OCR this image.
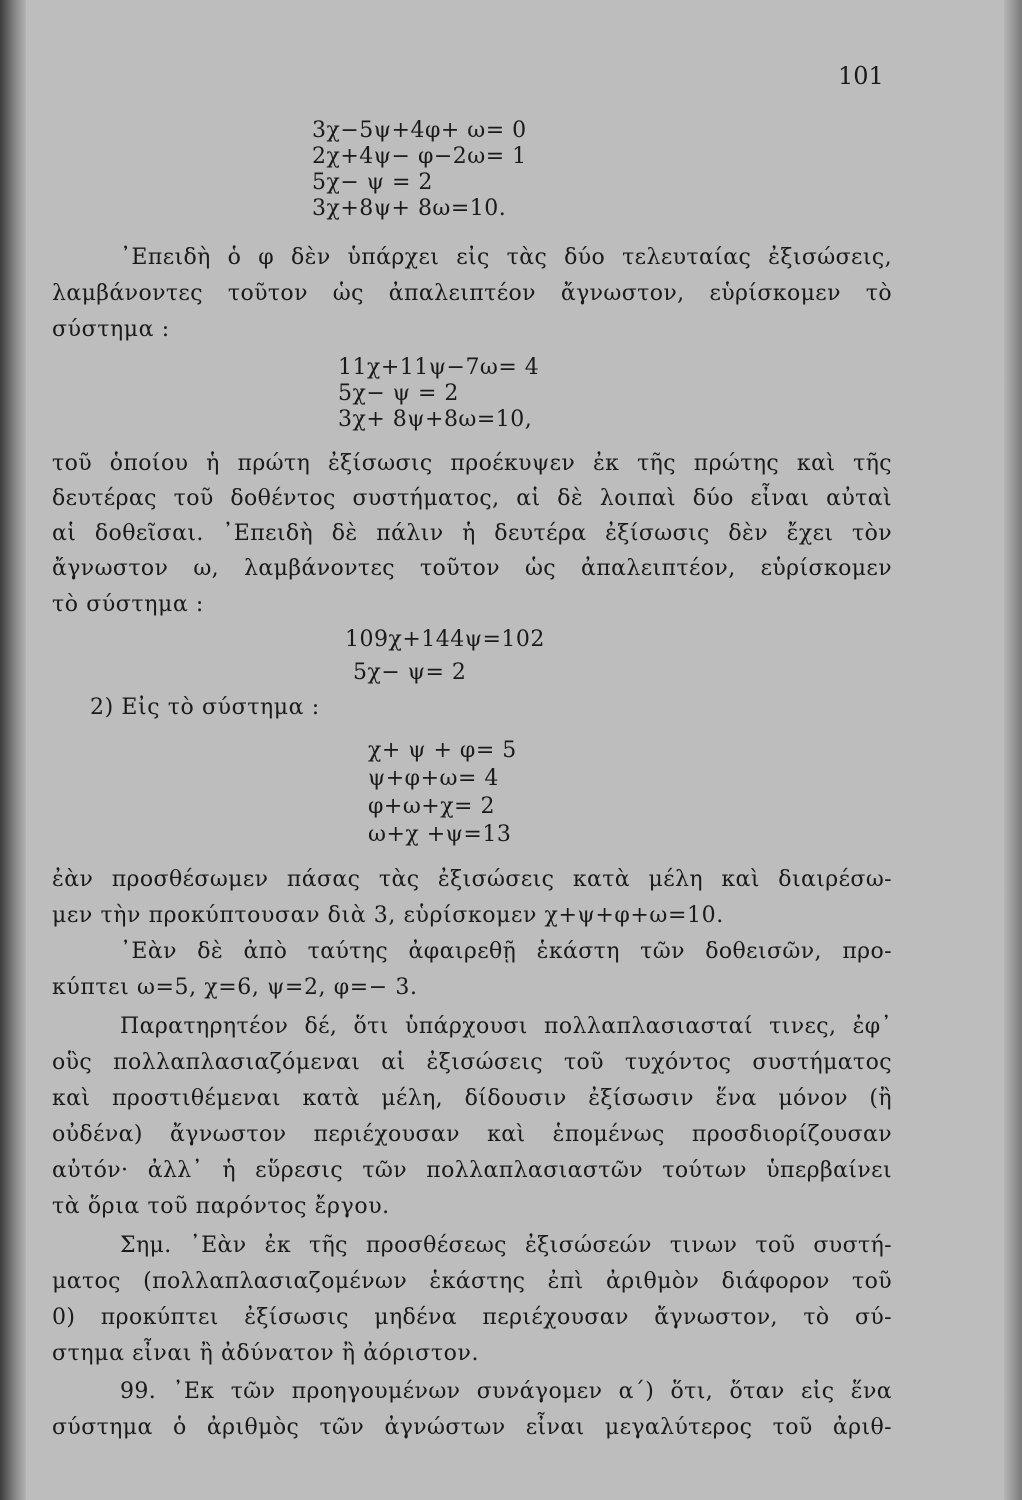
101
3χ−5ψ+4φ+ ω= 0
2χ+4ψ− φ−2ω= 1
5χ− ψ = 2
3χ+8ψ+ 8ω=10.
᾿Επειδὴ ὁ φ δὲν ὑπάρχει εἰς τὰς δύο τελευταίας ἐξισώσεις,
λαμβάνοντες τοῦτον ὡς ἀπαλειπτέον ἄγνωστον, εὑρίσκομεν τὸ
σύστημα :
11χ+11ψ−7ω= 4
5χ− ψ = 2
3χ+ 8ψ+8ω=10,
τοῦ ὁποίου ἡ πρώτη ἐξίσωσις προέκυψεν ἐκ τῆς πρώτης καὶ τῆς
δευτέρας τοῦ δοθέντος συστήματος, αἱ δὲ λοιπαὶ δύο εἶναι αὐταὶ
αἱ δοθεῖσαι. ᾿Επειδὴ δὲ πάλιν ἡ δευτέρα ἐξίσωσις δὲν ἔχει τὸν
ἄγνωστον ω, λαμβάνοντες τοῦτον ὡς ἀπαλειπτέον, εὑρίσκομεν
τὸ σύστημα :
109χ+144ψ=102
5χ− ψ= 2
2) Εἰς τὸ σύστημα :
χ+ ψ + φ= 5
ψ+φ+ω= 4
φ+ω+χ= 2
ω+χ +ψ=13
ἐὰν προσθέσωμεν πάσας τὰς ἐξισώσεις κατὰ μέλη καὶ διαιρέσω-
μεν τὴν προκύπτουσαν διὰ 3, εὑρίσκομεν χ+ψ+φ+ω=10.
᾿Εὰν δὲ ἀπὸ ταύτης ἀφαιρεθῇ ἑκάστη τῶν δοθεισῶν, προ-
κύπτει ω=5, χ=6, ψ=2, φ=− 3.
Παρατηρητέον δέ, ὅτι ὑπάρχουσι πολλαπλασιασταί τινες, ἐφ᾿
οὓς πολλαπλασιαζόμεναι αἱ ἐξισώσεις τοῦ τυχόντος συστήματος
καὶ προστιθέμεναι κατὰ μέλη, δίδουσιν ἐξίσωσιν ἕνα μόνον (ἢ
οὐδένα) ἄγνωστον περιέχουσαν καὶ ἑπομένως προσδιορίζουσαν
αὐτόν· ἀλλ᾿ ἡ εὕρεσις τῶν πολλαπλασιαστῶν τούτων ὑπερβαίνει
τὰ ὅρια τοῦ παρόντος ἔργου.
Σημ. ᾿Εὰν ἐκ τῆς προσθέσεως ἐξισώσεών τινων τοῦ συστή-
ματος (πολλαπλασιαζομένων ἑκάστης ἐπὶ ἀριθμὸν διάφορον τοῦ
0) προκύπτει ἐξίσωσις μηδένα περιέχουσαν ἄγνωστον, τὸ σύ-
στημα εἶναι ἢ ἀδύνατον ἢ ἀόριστον.
99. ᾿Εκ τῶν προηγουμένων συνάγομεν α΄) ὅτι, ὅταν εἰς ἕνα
σύστημα ὁ ἀριθμὸς τῶν ἀγνώστων εἶναι μεγαλύτερος τοῦ ἀριθ-
